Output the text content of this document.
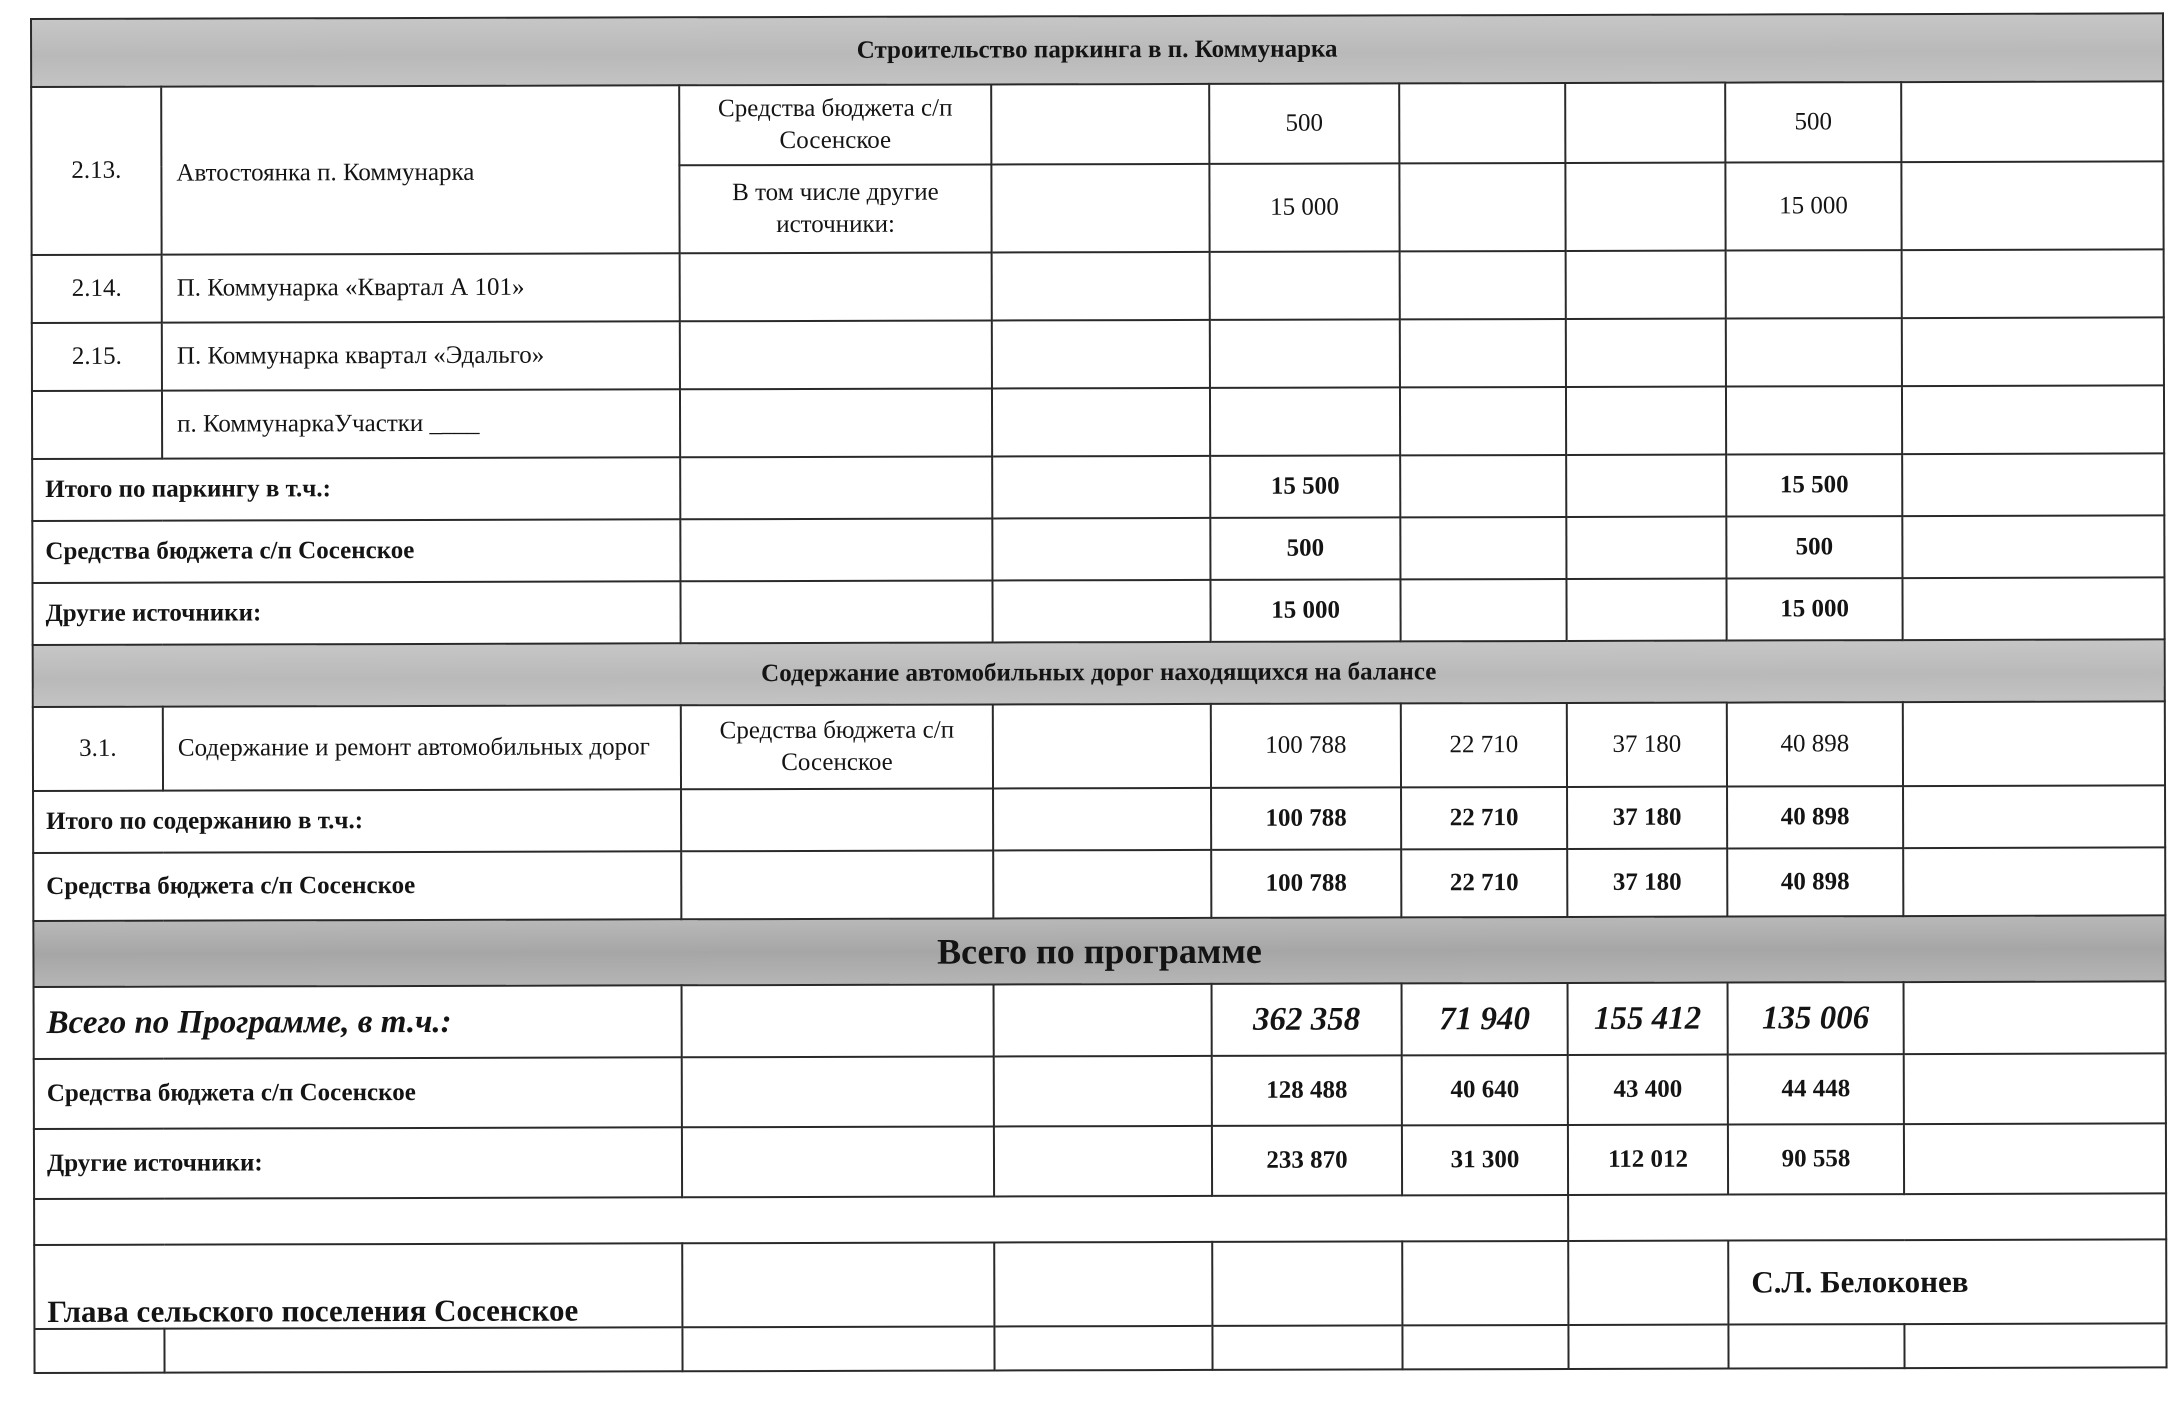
Строительство паркинга в п. Коммунарка								
2.13.	Автостоянка п. Коммунарка	Средства бюджета с/п Сосенское		500			500	
		В том числе другие источники:		15 000			15 000	
2.14.	П. Коммунарка «Квартал А 101»							
2.15.	П. Коммунарка квартал «Эдальго»							
	п. КоммунаркаУчастки ____							
Итого по паркингу в т.ч.:				15 500			15 500	
Средства бюджета с/п Сосенское				500			500	
Другие источники:				15 000			15 000	
Содержание автомобильных дорог находящихся на балансе								
3.1.	Содержание и ремонт автомобильных дорог	Средства бюджета с/п Сосенское		100 788	22 710	37 180	40 898	
Итого по содержанию в т.ч.:				100 788	22 710	37 180	40 898	
Средства бюджета с/п Сосенское				100 788	22 710	37 180	40 898	
Всего по программе								
Всего по Программе, в т.ч.:				362 358	71 940	155 412	135 006	
Средства бюджета с/п Сосенское				128 488	40 640	43 400	44 448	
Другие источники:				233 870	31 300	112 012	90 558	

Глава сельского поселения Сосенское							С.Л. Белоконев	
